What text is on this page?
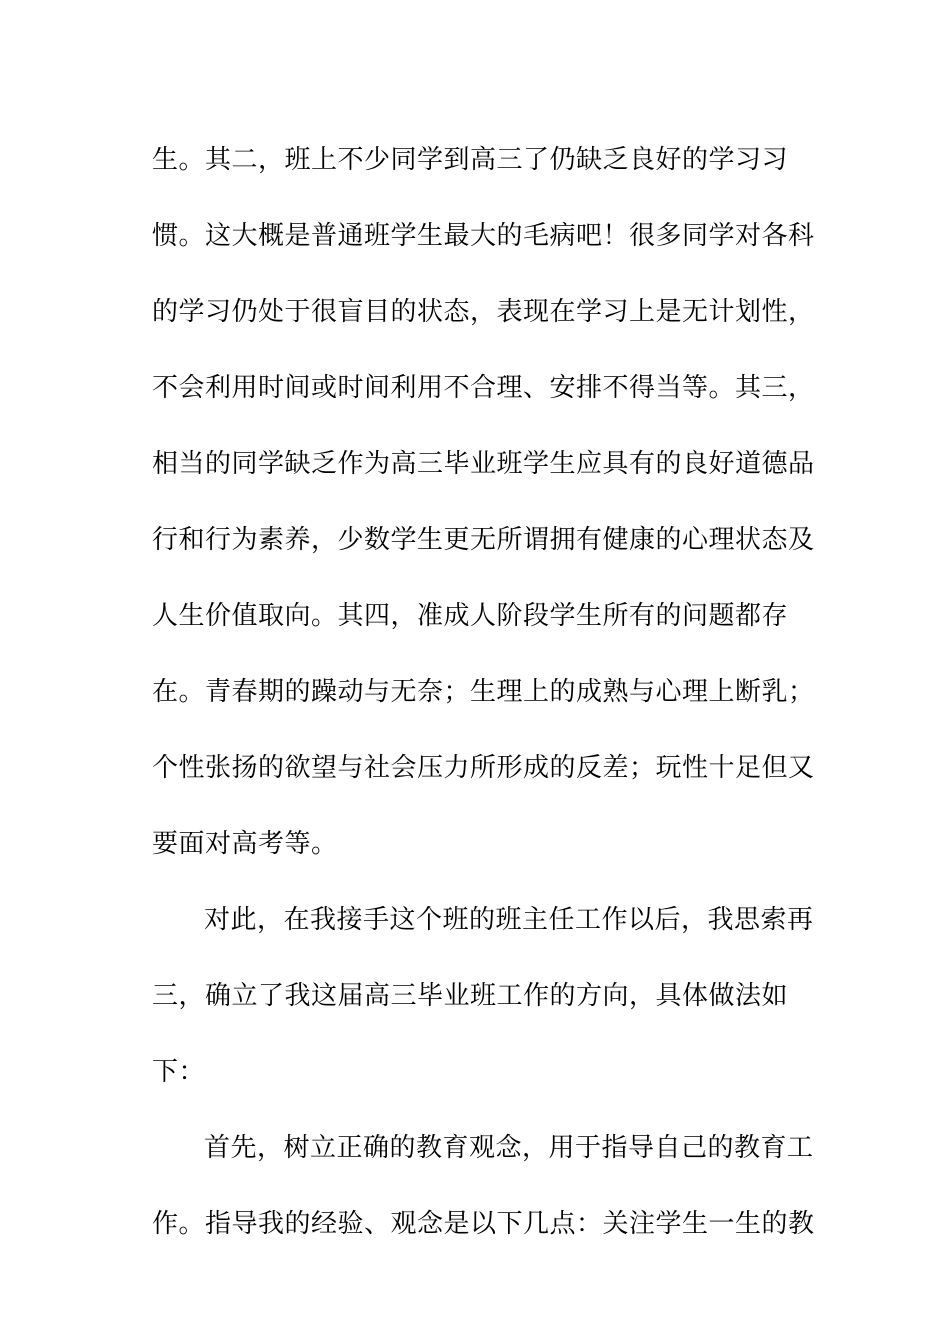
生。其二，班上不少同学到高三了仍缺乏良好的学习习
惯。这大概是普通班学生最大的毛病吧！很多同学对各科
的学习仍处于很盲目的状态，表现在学习上是无计划性，
不会利用时间或时间利用不合理、安排不得当等。其三，
相当的同学缺乏作为高三毕业班学生应具有的良好道德品
行和行为素养，少数学生更无所谓拥有健康的心理状态及
人生价值取向。其四，准成人阶段学生所有的问题都存
在。青春期的躁动与无奈；生理上的成熟与心理上断乳；
个性张扬的欲望与社会压力所形成的反差；玩性十足但又
要面对高考等。
对此，在我接手这个班的班主任工作以后，我思索再
三，确立了我这届高三毕业班工作的方向，具体做法如
下：
首先，树立正确的教育观念，用于指导自己的教育工
作。指导我的经验、观念是以下几点：关注学生一生的教
